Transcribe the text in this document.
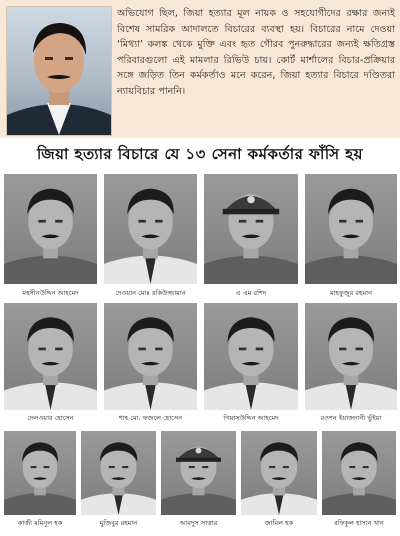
অভিযোগ ছিল, জিয়া হত্যার মূল নায়ক ও সহযোগীদের রক্ষার জন্যই বিশেষ সামরিক আদালতে বিচারের ব্যবস্থা হয়। বিচারের নামে দেওয়া ‘মিথ্যা’ কলঙ্ক থেকে মুক্তি এবং হৃত গৌরব পুনরুদ্ধারের জন্যই ক্ষতিগ্রস্ত পরিবারগুলো এই মামলার রিভিউ চায়। কোর্ট মার্শালের বিচার-প্রক্রিয়ার সঙ্গে জড়িত তিন কর্মকর্তাও মনে করেন, জিয়া হত্যার বিচারে দণ্ডিতরা ন্যায়বিচার পাননি।

জিয়া হত্যার বিচারে যে ১৩ সেনা কর্মকর্তার ফাঁসি হয়
মহসীনউদ্দিন আহমেদ	দেওয়ান মোঃ রকিউজ্জামান	এ এম রশিদ	মাহফুজুর রহমান
দেলওয়ার হোসেন	শাহ মো. ফজলে হোসেন	গিয়াসউদ্দিন আহমেদ	রওশন ইয়াজদানী ভুঁইয়া
কাজী মমিনুল হক	মুজিবুর রহমান	আবদুস সাত্তার	জামিল হক	রফিকুল হাসান খান
